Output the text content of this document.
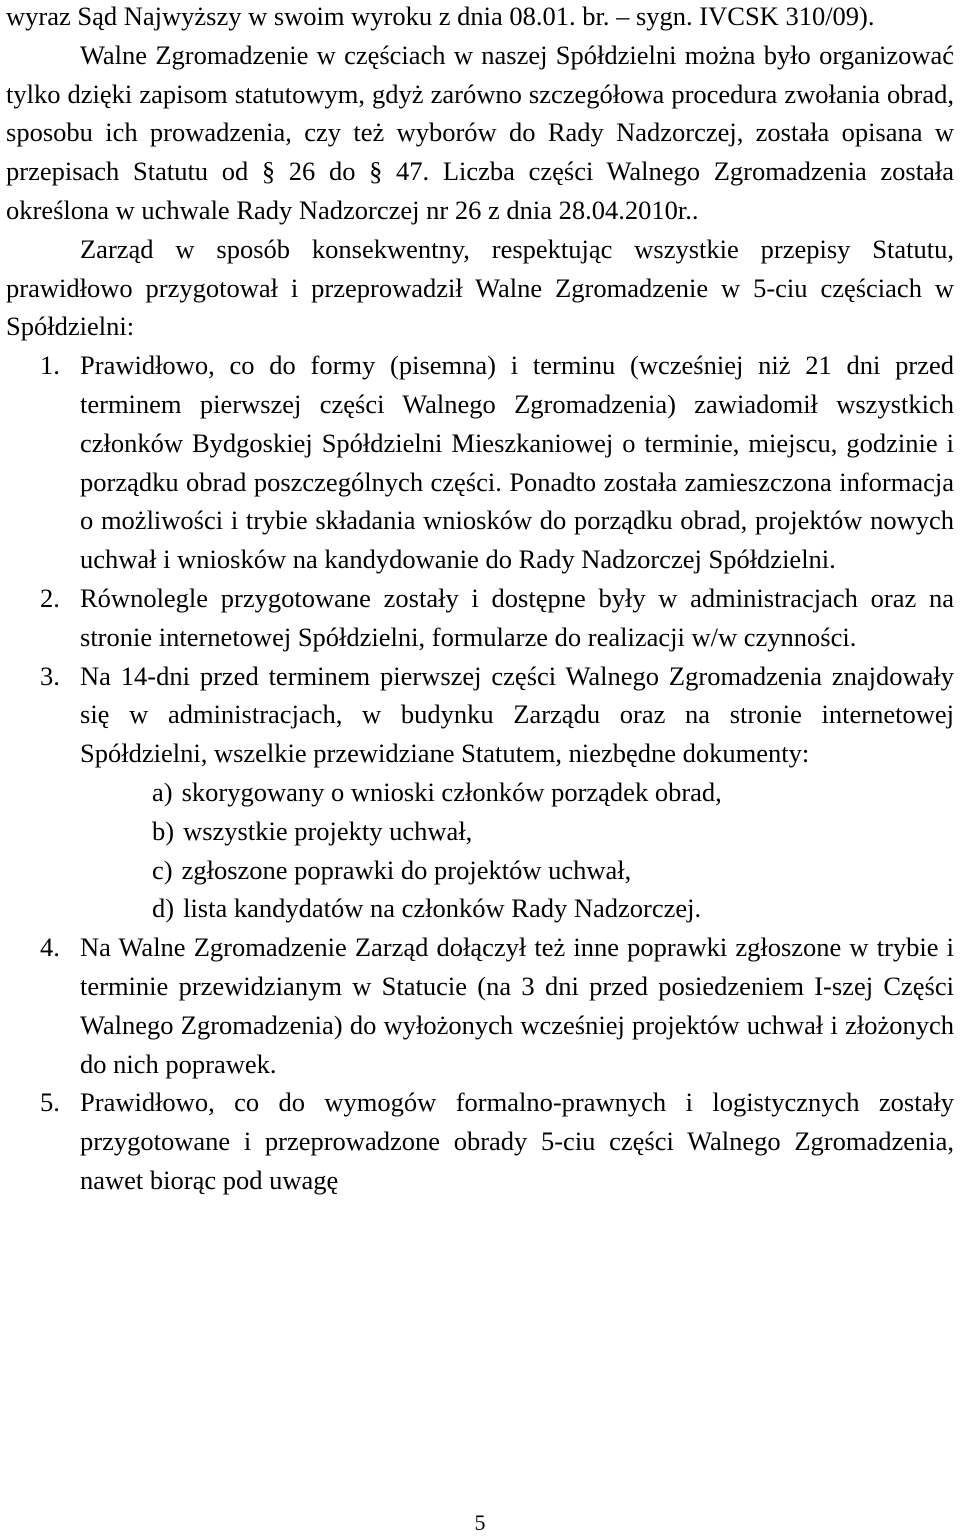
wyraz Sąd Najwyższy w swoim wyroku z dnia 08.01. br. – sygn. IVCSK 310/09).

Walne Zgromadzenie w częściach w naszej Spółdzielni można było organizować tylko dzięki zapisom statutowym, gdyż zarówno szczegółowa procedura zwołania obrad, sposobu ich prowadzenia, czy też wyborów do Rady Nadzorczej, została opisana w przepisach Statutu od § 26 do § 47. Liczba części Walnego Zgromadzenia została określona w uchwale Rady Nadzorczej nr 26 z dnia 28.04.2010r..

Zarząd w sposób konsekwentny, respektując wszystkie przepisy Statutu, prawidłowo przygotował i przeprowadził Walne Zgromadzenie w 5-ciu częściach w Spółdzielni:

1. Prawidłowo, co do formy (pisemna) i terminu (wcześniej niż 21 dni przed terminem pierwszej części Walnego Zgromadzenia) zawiadomił wszystkich członków Bydgoskiej Spółdzielni Mieszkaniowej o terminie, miejscu, godzinie i porządku obrad poszczególnych części. Ponadto została zamieszczona informacja o możliwości i trybie składania wniosków do porządku obrad, projektów nowych uchwał i wniosków na kandydowanie do Rady Nadzorczej Spółdzielni.
2. Równolegle przygotowane zostały i dostępne były w administracjach oraz na stronie internetowej Spółdzielni, formularze do realizacji w/w czynności.
3. Na 14-dni przed terminem pierwszej części Walnego Zgromadzenia znajdowały się w administracjach, w budynku Zarządu oraz na stronie internetowej Spółdzielni, wszelkie przewidziane Statutem, niezbędne dokumenty:
a) skorygowany o wnioski członków porządek obrad,
b) wszystkie projekty uchwał,
c) zgłoszone poprawki do projektów uchwał,
d) lista kandydatów na członków Rady Nadzorczej.
4. Na Walne Zgromadzenie Zarząd dołączył też inne poprawki zgłoszone w trybie i terminie przewidzianym w Statucie (na 3 dni przed posiedzeniem I-szej Części Walnego Zgromadzenia) do wyłożonych wcześniej projektów uchwał i złożonych do nich poprawek.
5. Prawidłowo, co do wymogów formalno-prawnych i logistycznych zostały przygotowane i przeprowadzone obrady 5-ciu części Walnego Zgromadzenia, nawet biorąc pod uwagę
5
